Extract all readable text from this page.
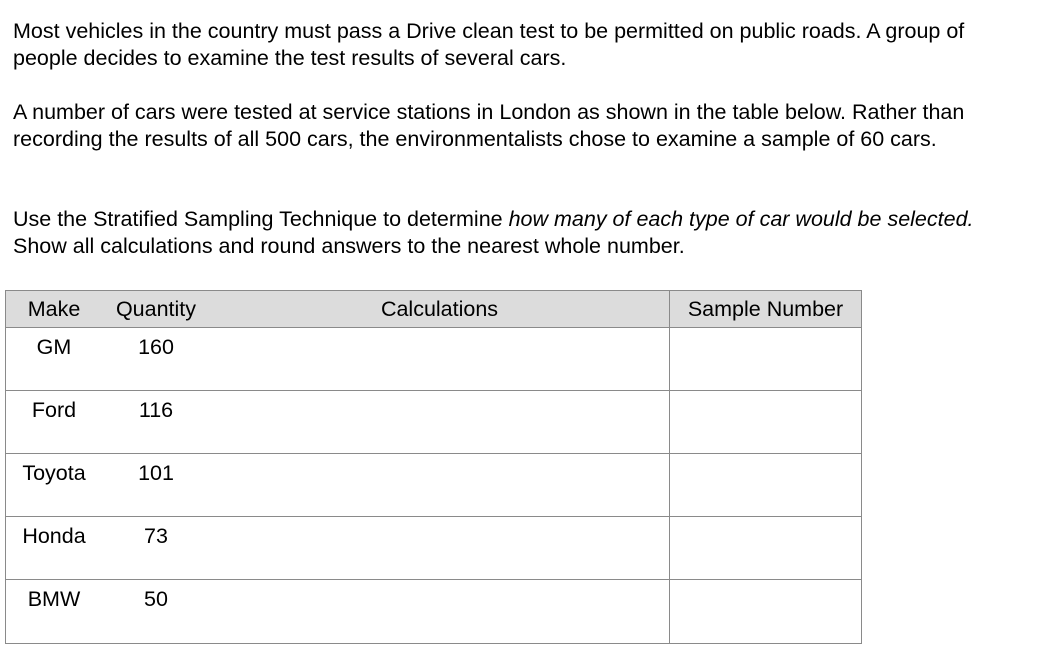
Most vehicles in the country must pass a Drive clean test to be permitted on public roads. A group of people decides to examine the test results of several cars.

A number of cars were tested at service stations in London as shown in the table below. Rather than recording the results of all 500 cars, the environmentalists chose to examine a sample of 60 cars.

Use the Stratified Sampling Technique to determine how many of each type of car would be selected. Show all calculations and round answers to the nearest whole number.

Make Quantity	Calculations	Sample Number

GM 160		

Ford 116		

Toyota 101		

Honda 73		

BMW 50		
